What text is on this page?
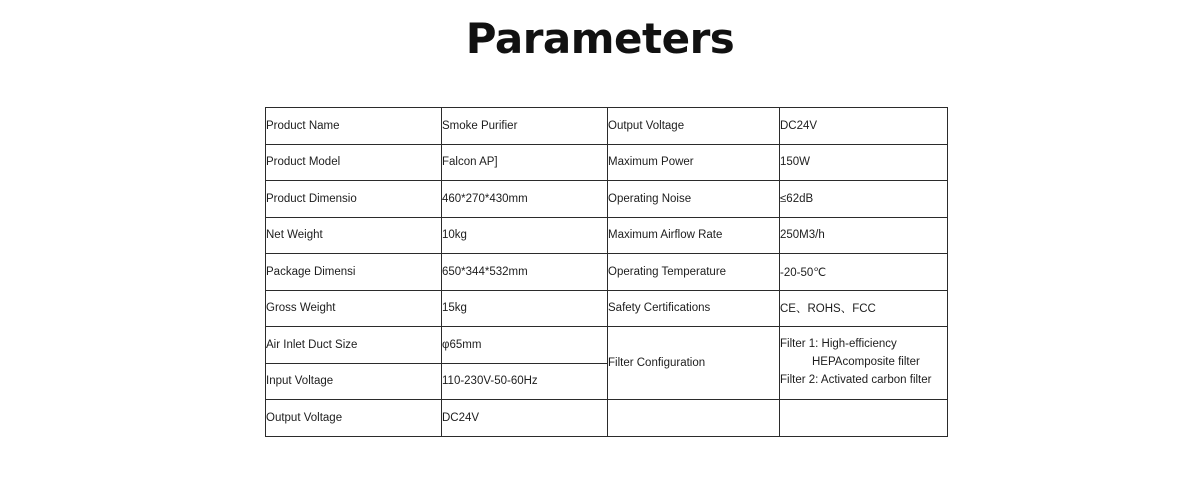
Parameters
Product Name	Smoke Purifier	Output Voltage	DC24V
Product Model	Falcon AP]	Maximum Power	150W
Product Dimensio	460*270*430mm	Operating Noise	≤62dB
Net Weight	10kg	Maximum Airflow Rate	250M3/h
Package Dimensi	650*344*532mm	Operating Temperature	-20-50℃
Gross Weight	15kg	Safety Certifications	CE、ROHS、FCC
Air Inlet Duct Size	φ65mm	Filter Configuration	Filter 1: High-efficiency
HEPAcomposite filter
Filter 2: Activated carbon filter

Input Voltage	110-230V-50-60Hz		
Output Voltage	DC24V		
